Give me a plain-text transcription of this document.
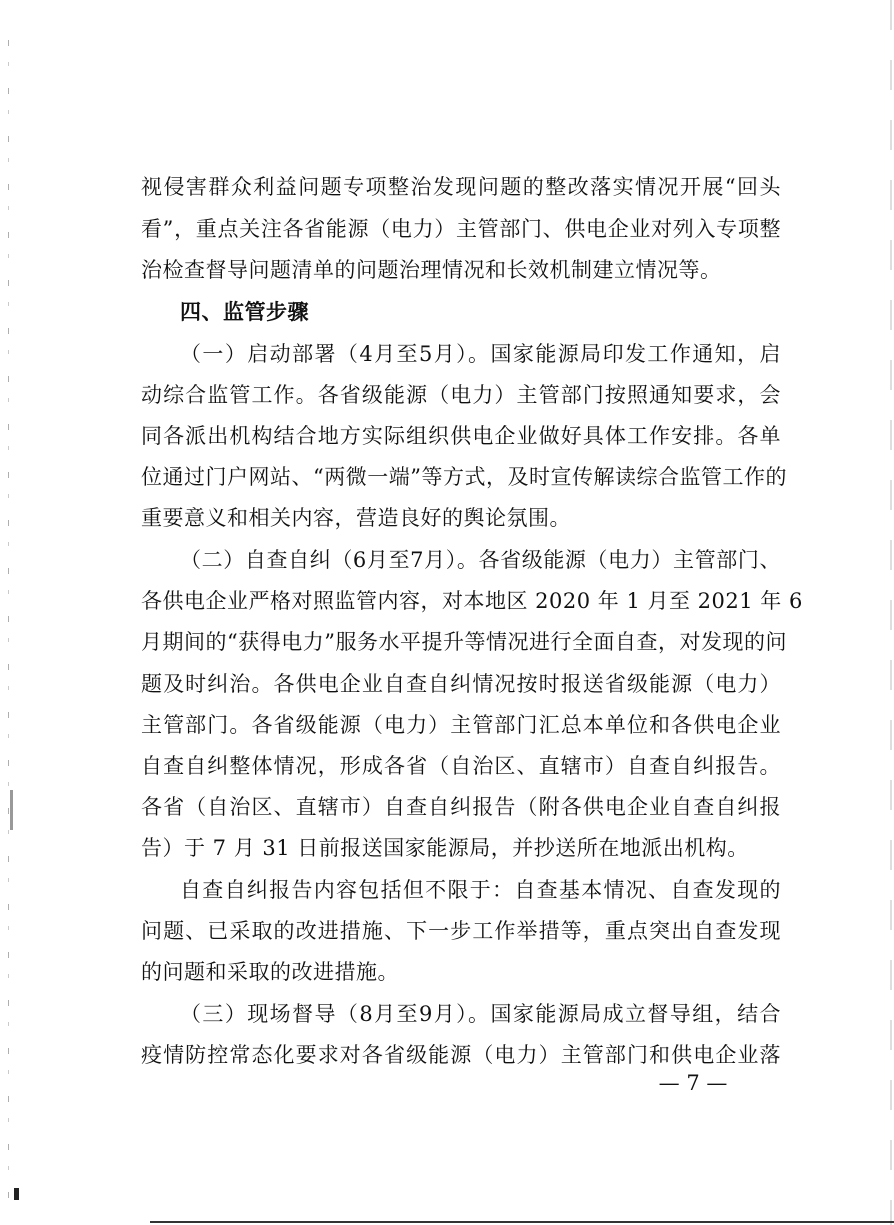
视侵害群众利益问题专项整治发现问题的整改落实情况开展“回头
看”，重点关注各省能源（电力）主管部门、供电企业对列入专项整
治检查督导问题清单的问题治理情况和长效机制建立情况等。
四、监管步骤
（一）启动部署（4月至5月）。国家能源局印发工作通知，启
动综合监管工作。各省级能源（电力）主管部门按照通知要求，会
同各派出机构结合地方实际组织供电企业做好具体工作安排。各单
位通过门户网站、“两微一端”等方式，及时宣传解读综合监管工作的
重要意义和相关内容，营造良好的舆论氛围。
（二）自查自纠（6月至7月）。各省级能源（电力）主管部门、
各供电企业严格对照监管内容，对本地区 2020 年 1 月至 2021 年 6
月期间的“获得电力”服务水平提升等情况进行全面自查，对发现的问
题及时纠治。各供电企业自查自纠情况按时报送省级能源（电力）
主管部门。各省级能源（电力）主管部门汇总本单位和各供电企业
自查自纠整体情况，形成各省（自治区、直辖市）自查自纠报告。
各省（自治区、直辖市）自查自纠报告（附各供电企业自查自纠报
告）于 7 月 31 日前报送国家能源局，并抄送所在地派出机构。
自查自纠报告内容包括但不限于：自查基本情况、自查发现的
问题、已采取的改进措施、下一步工作举措等，重点突出自查发现
的问题和采取的改进措施。
（三）现场督导（8月至9月）。国家能源局成立督导组，结合
疫情防控常态化要求对各省级能源（电力）主管部门和供电企业落
— 7 —
